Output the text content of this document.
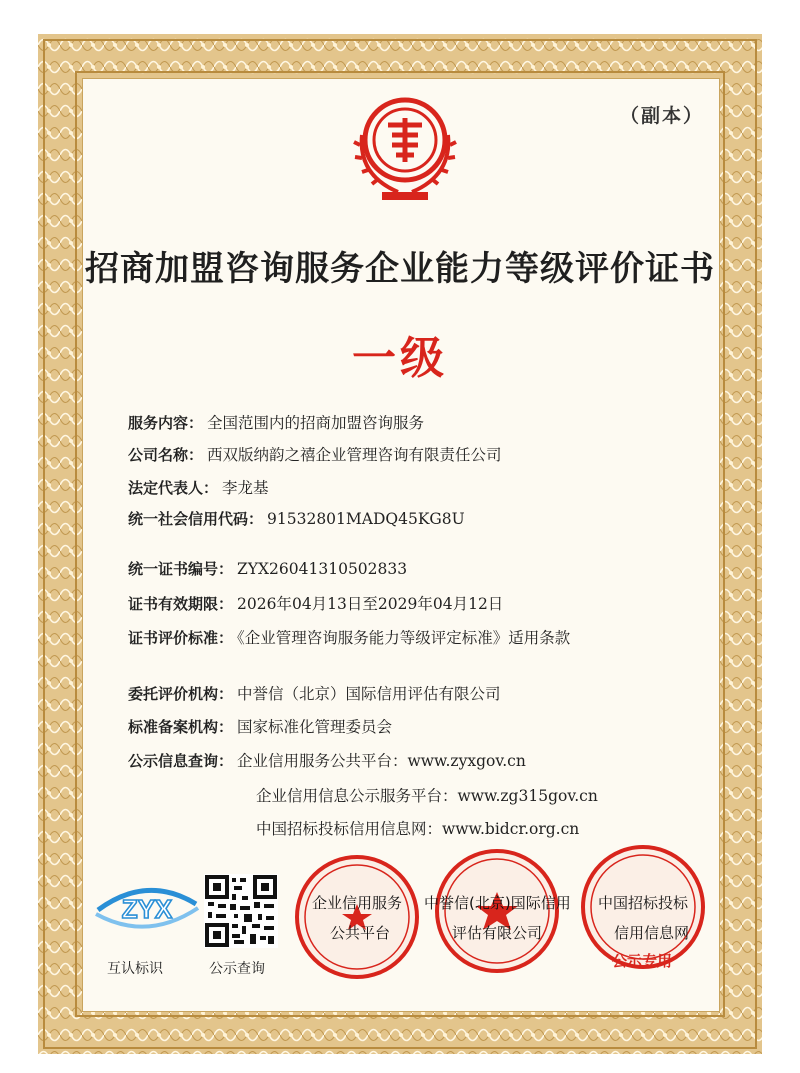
（副本）
招商加盟咨询服务企业能力等级评价证书
一级
服务内容： 全国范围内的招商加盟咨询服务
公司名称： 西双版纳韵之禧企业管理咨询有限责任公司
法定代表人： 李龙基
统一社会信用代码： 91532801MADQ45KG8U
统一证书编号： ZYX26041310502833
证书有效期限： 2026年04月13日至2029年04月12日
证书评价标准： 《企业管理咨询服务能力等级评定标准》适用条款
委托评价机构： 中誉信（北京）国际信用评估有限公司
标准备案机构： 国家标准化管理委员会
公示信息查询： 企业信用服务公共平台：www.zyxgov.cn
企业信用信息公示服务平台：www.zg315gov.cn
中国招标投标信用信息网：www.bidcr.org.cn
ZYX
互认标识	公示查询
企业信用服务
公共平台
中誉信(北京)国际信用
评估有限公司
中国招标投标
信用信息网
公示专用
